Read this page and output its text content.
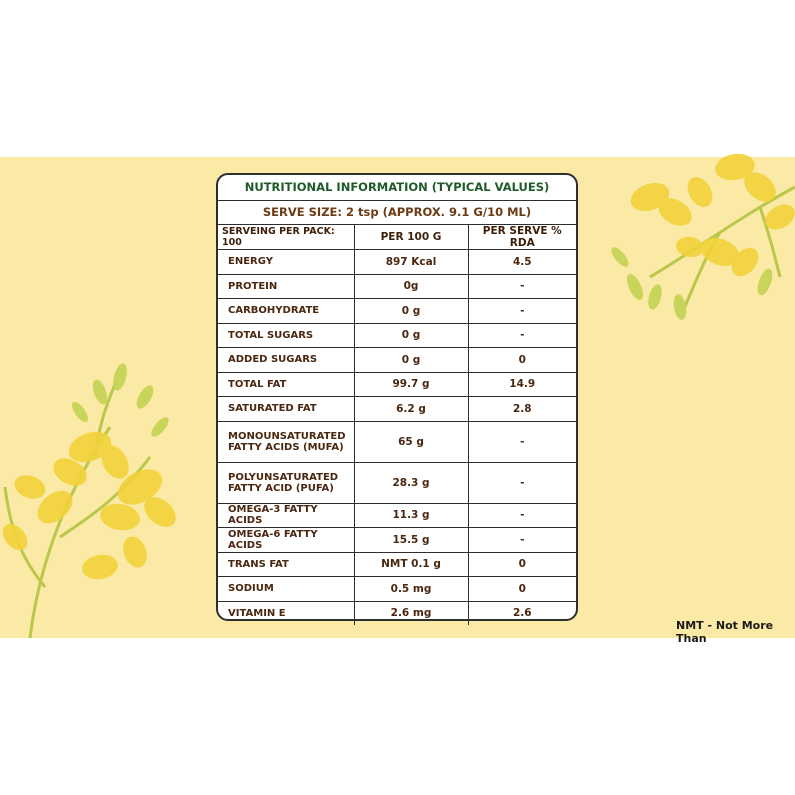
NUTRITIONAL INFORMATION (TYPICAL VALUES)
SERVE SIZE: 2 tsp (APPROX. 9.1 G/10 ML)
SERVEING PER PACK: 100	PER 100 G	PER SERVE % RDA
ENERGY	897 Kcal	4.5
PROTEIN	0g	-
CARBOHYDRATE	0 g	-
TOTAL SUGARS	0 g	-
ADDED SUGARS	0 g	0
TOTAL FAT	99.7 g	14.9
SATURATED FAT	6.2 g	2.8

MONOUNSATURATED
FATTY ACIDS (MUFA)	65 g	-

POLYUNSATURATED
FATTY ACID (PUFA)	28.3 g	-
OMEGA-3 FATTY ACIDS	11.3 g	-
OMEGA-6 FATTY ACIDS	15.5 g	-
TRANS FAT	NMT 0.1 g	0
SODIUM	0.5 mg	0
VITAMIN E	2.6 mg	2.6
NMT - Not More Than
